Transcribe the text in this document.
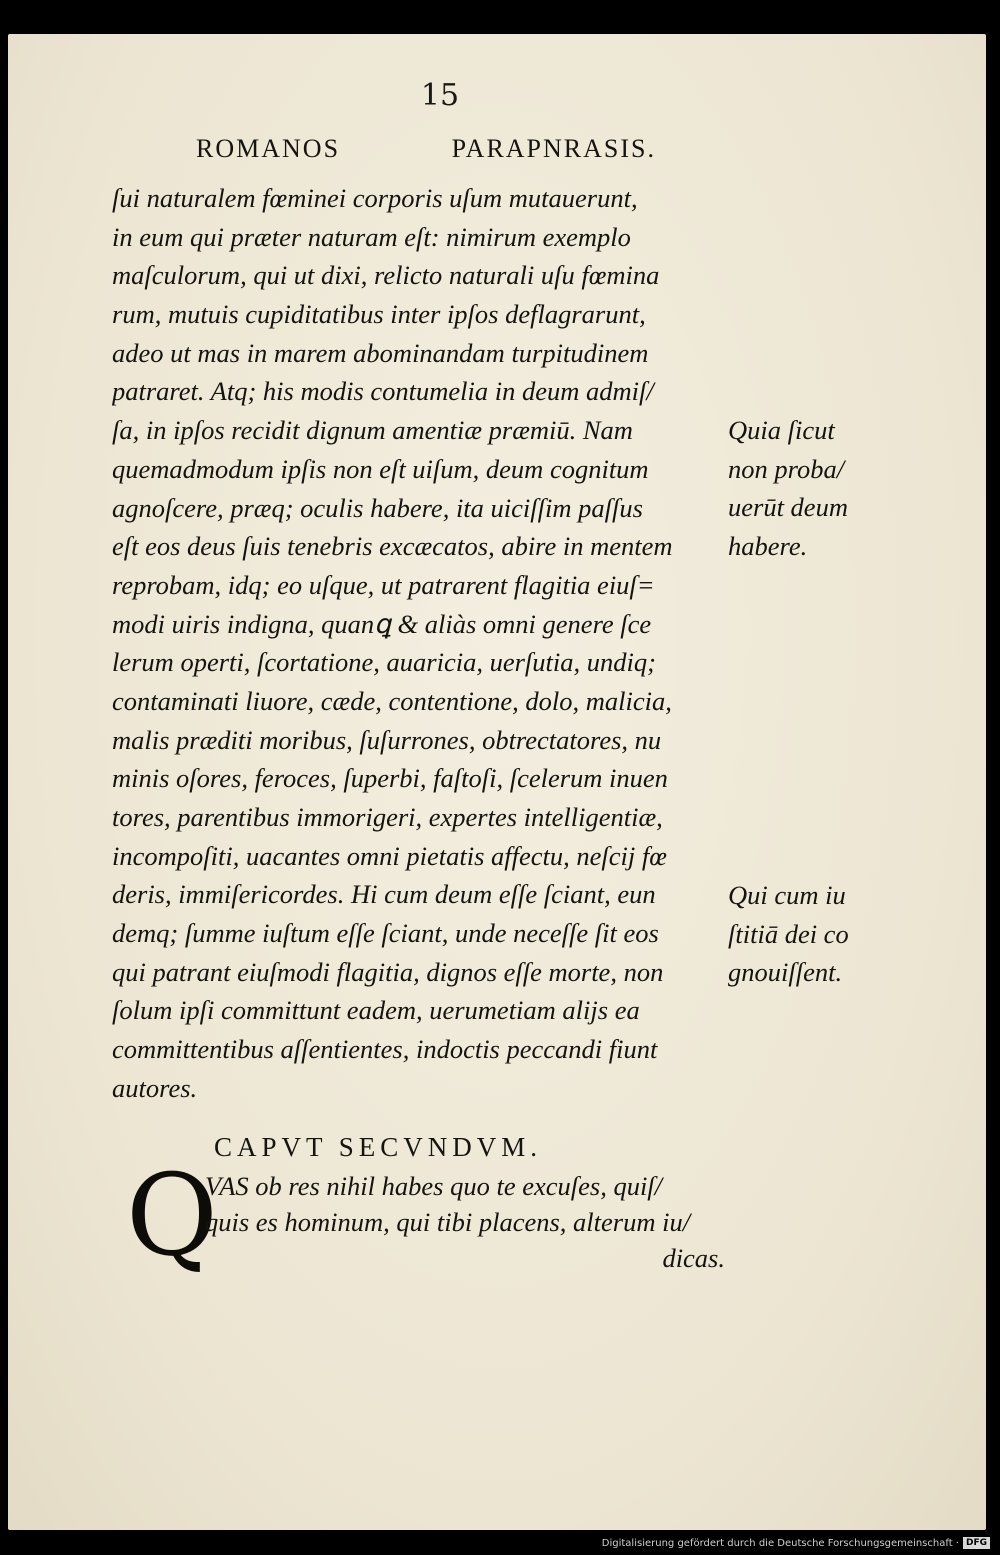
15
ROMANOS	PARAPNRASIS.
ſui naturalem fœminei corporis uſum mutauerunt,
in eum qui præter naturam eſt: nimirum exemplo
maſculorum, qui ut dixi, relicto naturali uſu fœmina
rum, mutuis cupiditatibus inter ipſos deflagrarunt,
adeo ut mas in marem abominandam turpitudinem
patraret. Atq; his modis contumelia in deum admiſ/
ſa, in ipſos recidit dignum amentiæ præmiū. Nam
quemadmodum ipſis non eſt uiſum, deum cognitum
agnoſcere, præq; oculis habere, ita uiciſſim paſſus
eſt eos deus ſuis tenebris excæcatos, abire in mentem
reprobam, idq; eo uſque, ut patrarent flagitia eiuſ=
modi uiris indigna, quanꝗ & aliàs omni genere ſce
lerum operti, ſcortatione, auaricia, uerſutia, undiq;
contaminati liuore, cæde, contentione, dolo, malicia,
malis præditi moribus, ſuſurrones, obtrectatores, nu
minis oſores, feroces, ſuperbi, faſtoſi, ſcelerum inuen
tores, parentibus immorigeri, expertes intelligentiæ,
incompoſiti, uacantes omni pietatis affectu, neſcij fœ
deris, immiſericordes. Hi cum deum eſſe ſciant, eun
demq; ſumme iuſtum eſſe ſciant, unde neceſſe ſit eos
qui patrant eiuſmodi flagitia, dignos eſſe morte, non
ſolum ipſi committunt eadem, uerumetiam alijs ea
committentibus aſſentientes, indoctis peccandi fiunt
autores.
Quia ſicut
non proba/
uerūt deum
habere.
Qui cum iu
ſtitiā dei co
gnouiſſent.
CAPVT SECVNDVM.
Q
VAS ob res nihil habes quo te excuſes, quiſ/
quis es hominum, qui tibi placens, alterum iu/
dicas.
Digitalisierung gefördert durch die Deutsche Forschungsgemeinschaft · DFG
